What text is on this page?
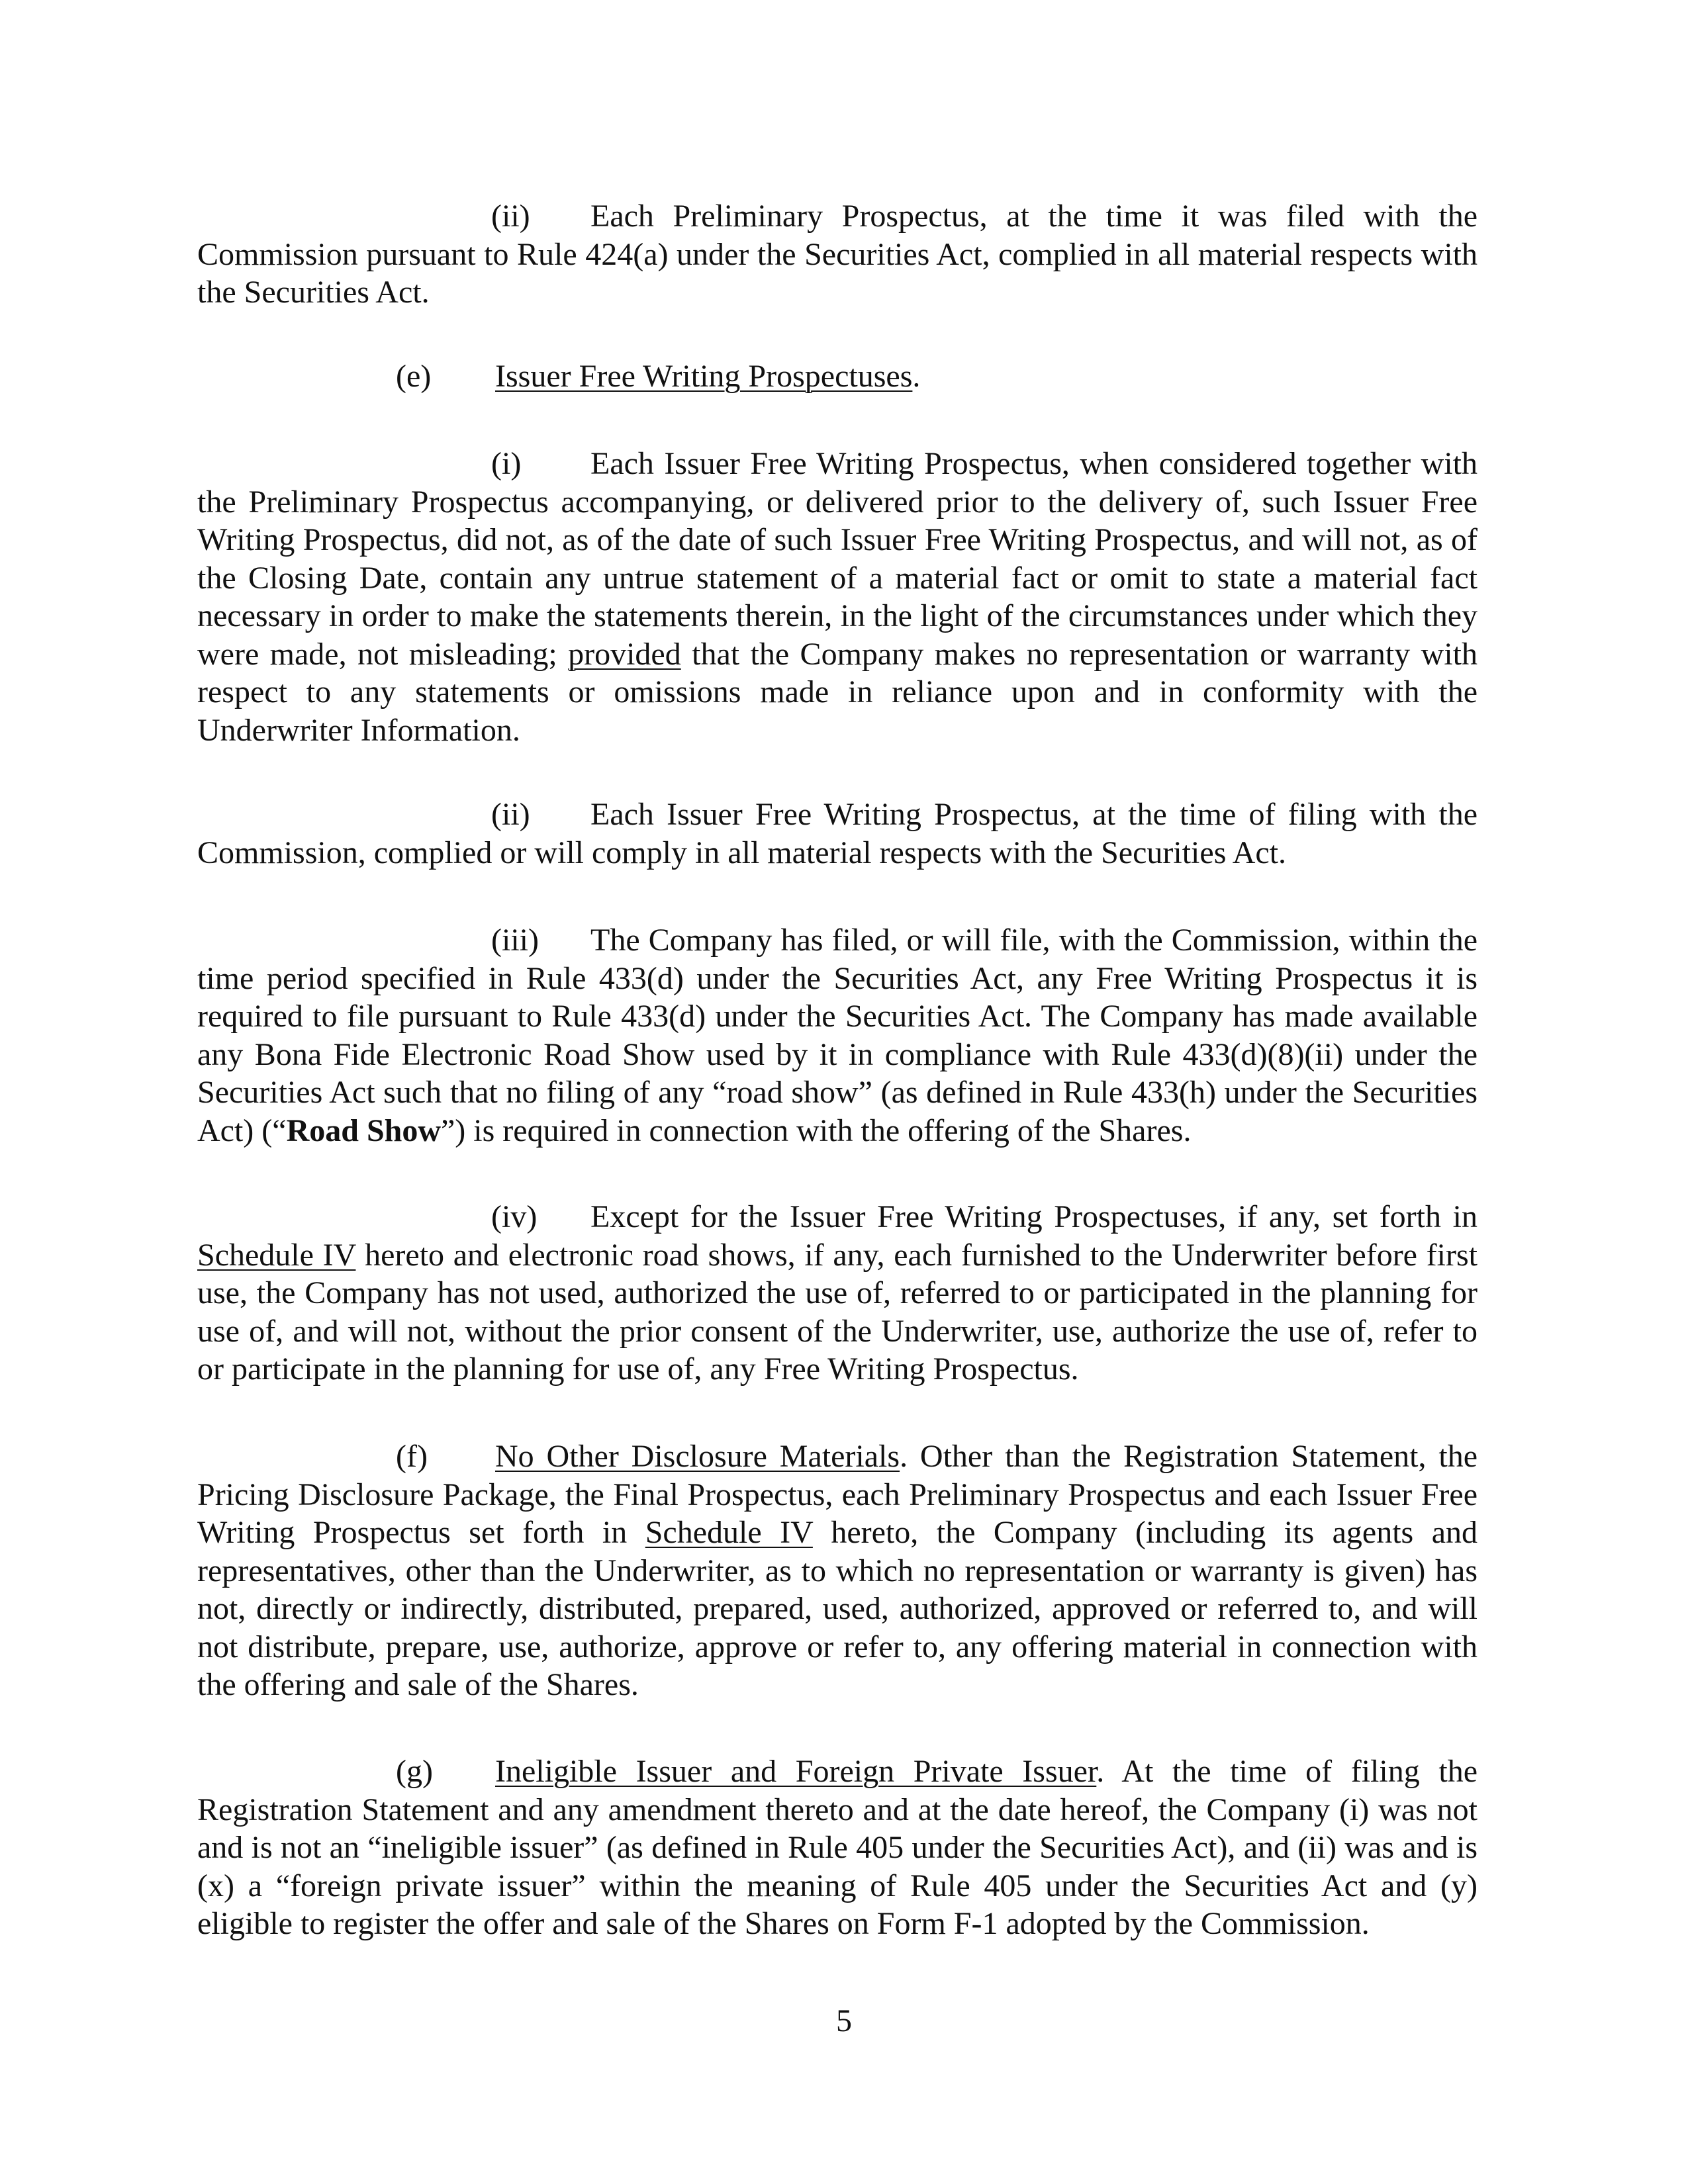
(ii) Each Preliminary Prospectus, at the time it was filed with the Commission pursuant to Rule 424(a) under the Securities Act, complied in all material respects with the Securities Act.

(e) Issuer Free Writing Prospectuses.

(i) Each Issuer Free Writing Prospectus, when considered together with the Preliminary Prospectus accompanying, or delivered prior to the delivery of, such Issuer Free Writing Prospectus, did not, as of the date of such Issuer Free Writing Prospectus, and will not, as of the Closing Date, contain any untrue statement of a material fact or omit to state a material fact necessary in order to make the statements therein, in the light of the circumstances under which they were made, not misleading; provided that the Company makes no representation or warranty with respect to any statements or omissions made in reliance upon and in conformity with the Underwriter Information.

(ii) Each Issuer Free Writing Prospectus, at the time of filing with the Commission, complied or will comply in all material respects with the Securities Act.

(iii) The Company has filed, or will file, with the Commission, within the time period specified in Rule 433(d) under the Securities Act, any Free Writing Prospectus it is required to file pursuant to Rule 433(d) under the Securities Act. The Company has made available any Bona Fide Electronic Road Show used by it in compliance with Rule 433(d)(8)(ii) under the Securities Act such that no filing of any “road show” (as defined in Rule 433(h) under the Securities Act) (“Road Show”) is required in connection with the offering of the Shares.

(iv) Except for the Issuer Free Writing Prospectuses, if any, set forth in Schedule IV hereto and electronic road shows, if any, each furnished to the Underwriter before first use, the Company has not used, authorized the use of, referred to or participated in the planning for use of, and will not, without the prior consent of the Underwriter, use, authorize the use of, refer to or participate in the planning for use of, any Free Writing Prospectus.

(f) No Other Disclosure Materials. Other than the Registration Statement, the Pricing Disclosure Package, the Final Prospectus, each Preliminary Prospectus and each Issuer Free Writing Prospectus set forth in Schedule IV hereto, the Company (including its agents and representatives, other than the Underwriter, as to which no representation or warranty is given) has not, directly or indirectly, distributed, prepared, used, authorized, approved or referred to, and will not distribute, prepare, use, authorize, approve or refer to, any offering material in connection with the offering and sale of the Shares.

(g) Ineligible Issuer and Foreign Private Issuer. At the time of filing the Registration Statement and any amendment thereto and at the date hereof, the Company (i) was not and is not an “ineligible issuer” (as defined in Rule 405 under the Securities Act), and (ii) was and is (x) a “foreign private issuer” within the meaning of Rule 405 under the Securities Act and (y) eligible to register the offer and sale of the Shares on Form F-1 adopted by the Commission.

5
